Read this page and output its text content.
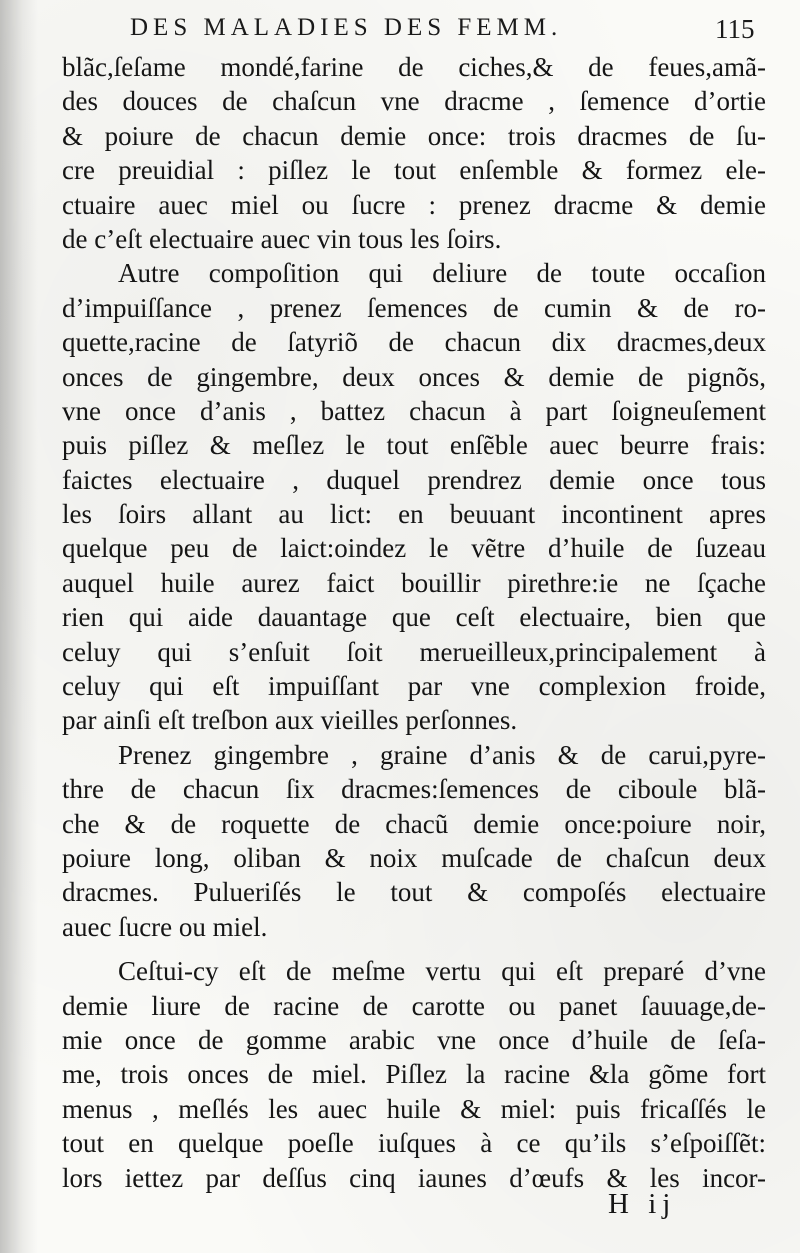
DES MALADIES DES FEMM.	115
blãc,ſeſame mondé,farine de ciches,& de feues,amã-
des douces de chaſcun vne dracme , ſemence d’ortie
& poiure de chacun demie once: trois dracmes de ſu-
cre preuidial : piſlez le tout enſemble & formez ele-
ctuaire auec miel ou ſucre : prenez dracme & demie
de c’eſt electuaire auec vin tous les ſoirs.
Autre compoſition qui deliure de toute occaſion
d’impuiſſance , prenez ſemences de cumin & de ro-
quette,racine de ſatyriõ de chacun dix dracmes,deux
onces de gingembre, deux onces & demie de pignõs,
vne once d’anis , battez chacun à part ſoigneuſement
puis piſlez & meſlez le tout enſẽble auec beurre frais:
faictes electuaire , duquel prendrez demie once tous
les ſoirs allant au lict: en beuuant incontinent apres
quelque peu de laict:oindez le vẽtre d’huile de ſuzeau
auquel huile aurez faict bouillir pirethre:ie ne ſçache
rien qui aide dauantage que ceſt electuaire, bien que
celuy qui s’enſuit ſoit merueilleux,principalement à
celuy qui eſt impuiſſant par vne complexion froide,
par ainſi eſt treſbon aux vieilles perſonnes.
Prenez gingembre , graine d’anis & de carui,pyre-
thre de chacun ſix dracmes:ſemences de ciboule blã-
che & de roquette de chacũ demie once:poiure noir,
poiure long, oliban & noix muſcade de chaſcun deux
dracmes. Pulueriſés le tout & compoſés electuaire
auec ſucre ou miel.
Ceſtui-cy eſt de meſme vertu qui eſt preparé d’vne
demie liure de racine de carotte ou panet ſauuage,de-
mie once de gomme arabic vne once d’huile de ſeſa-
me, trois onces de miel. Piſlez la racine &la gõme fort
menus , meſlés les auec huile & miel: puis fricaſſés le
tout en quelque poeſle iuſques à ce qu’ils s’eſpoiſſẽt:
lors iettez par deſſus cinq iaunes d’œufs & les incor-
H ij
